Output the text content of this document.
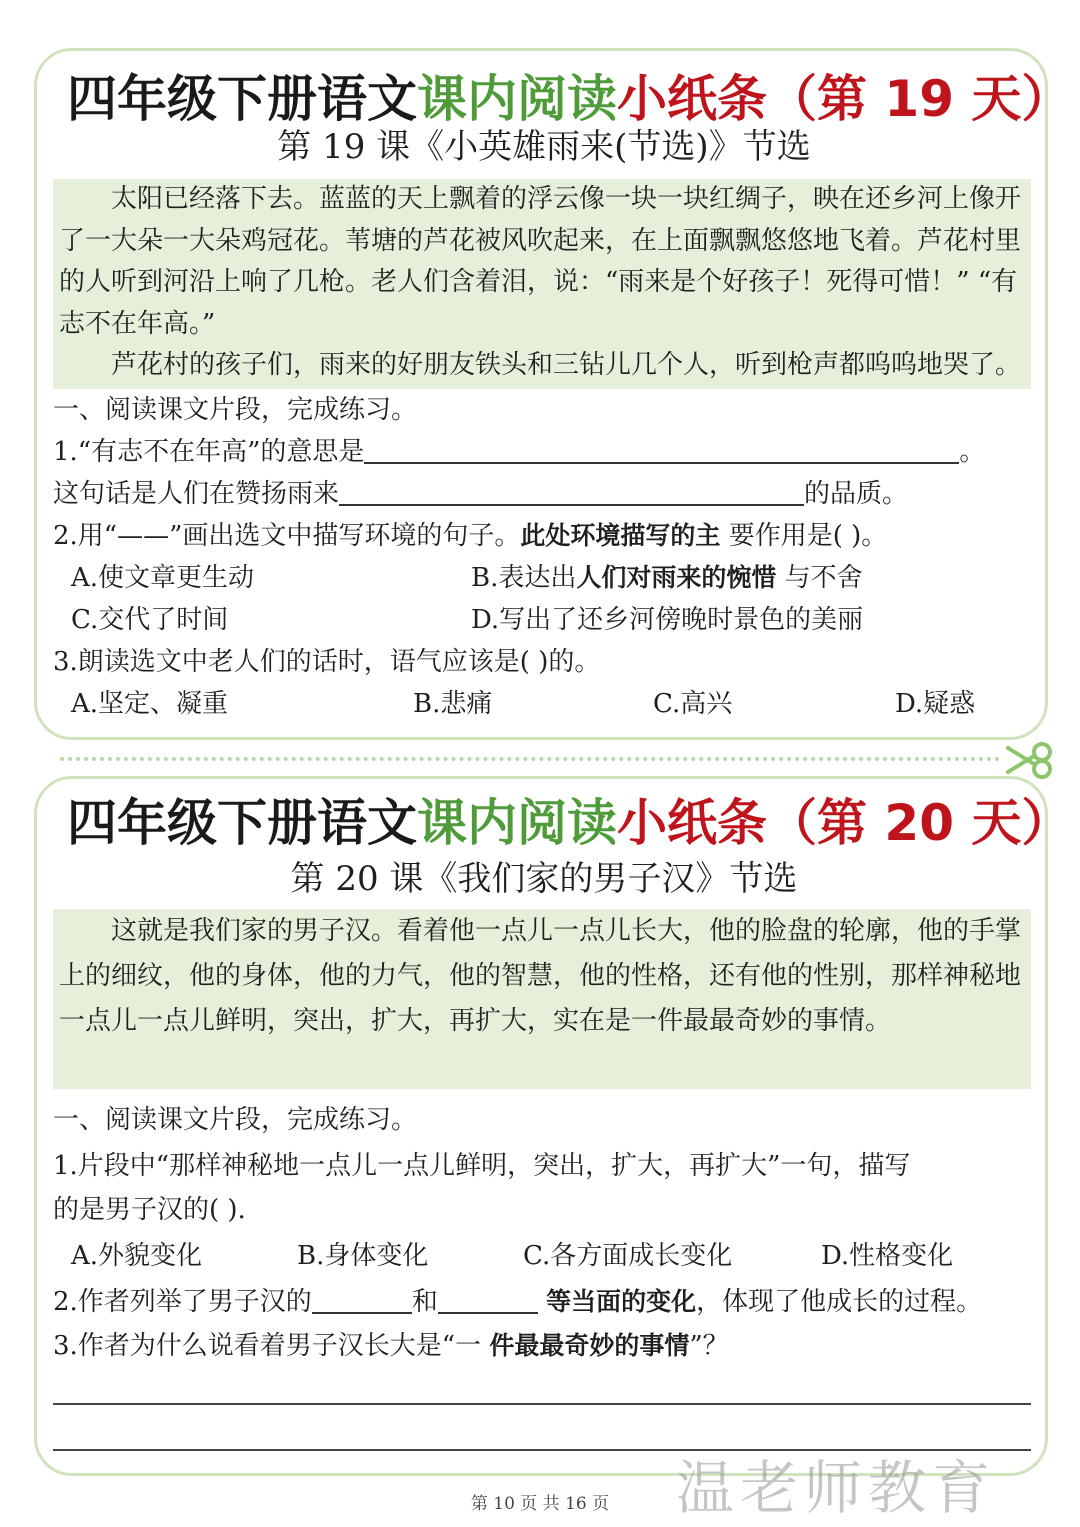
四年级下册语文课内阅读小纸条（第 19 天）
第 19 课《小英雄雨来(节选)》节选

太阳已经落下去。蓝蓝的天上飘着的浮云像一块一块红绸子，映在还乡河上像开了一大朵一大朵鸡冠花。苇塘的芦花被风吹起来，在上面飘飘悠悠地飞着。芦花村里的人听到河沿上响了几枪。老人们含着泪，说：“雨来是个好孩子！死得可惜！” “有志不在年高。”

芦花村的孩子们，雨来的好朋友铁头和三钻儿几个人，听到枪声都呜呜地哭了。

一、阅读课文片段，完成练习。
1.“有志不在年高”的意思是	。
这句话是人们在赞扬雨来	的品质。
2.用“——”画出选文中描写环境的句子。此处环境描写的主 要作用是( )。
A.使文章更生动	B.表达出人们对雨来的惋惜 与不舍
C.交代了时间	D.写出了还乡河傍晚时景色的美丽
3.朗读选文中老人们的话时，语气应该是( )的。
A.坚定、凝重	B.悲痛	C.高兴	D.疑惑
四年级下册语文课内阅读小纸条（第 20 天）
第 20 课《我们家的男子汉》节选

这就是我们家的男子汉。看着他一点儿一点儿长大，他的脸盘的轮廓，他的手掌上的细纹，他的身体，他的力气，他的智慧，他的性格，还有他的性别，那样神秘地一点儿一点儿鲜明，突出，扩大，再扩大，实在是一件最最奇妙的事情。

一、阅读课文片段，完成练习。
1.片段中“那样神秘地一点儿一点儿鲜明，突出，扩大，再扩大”一句，描写
的是男子汉的( ).
A.外貌变化	B.身体变化	C.各方面成长变化	D.性格变化
2.作者列举了男子汉的	和	等当面的变化，体现了他成长的过程。
3.作者为什么说看着男子汉长大是“一 件最最奇妙的事情”？
第 10 页 共 16 页	温老师教育
